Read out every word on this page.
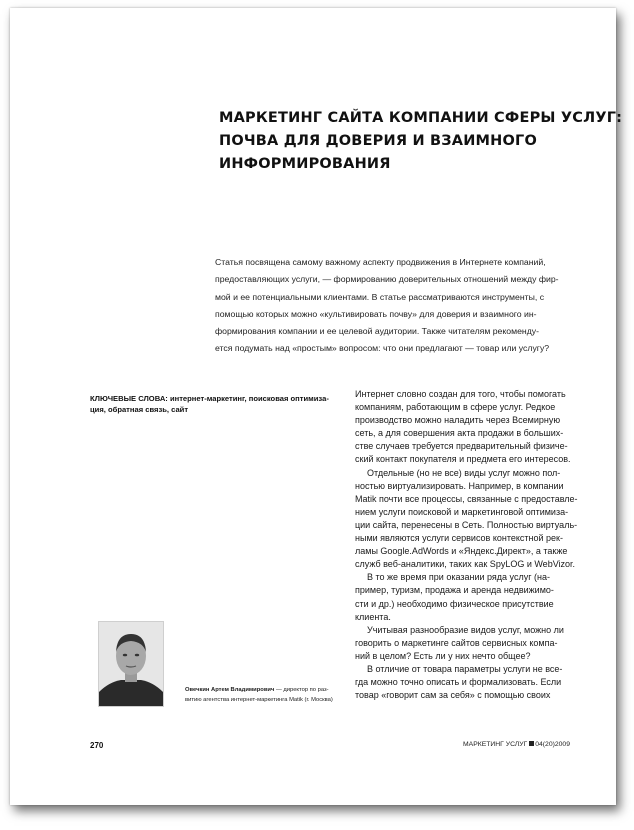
МАРКЕТИНГ САЙТА КОМПАНИИ СФЕРЫ УСЛУГ:
ПОЧВА ДЛЯ ДОВЕРИЯ И ВЗАИМНОГО
ИНФОРМИРОВАНИЯ
Статья посвящена самому важному аспекту продвижения в Интернете компаний,
предоставляющих услуги, — формированию доверительных отношений между фир-
мой и ее потенциальными клиентами. В статье рассматриваются инструменты, с
помощью которых можно «культивировать почву» для доверия и взаимного ин-
формирования компании и ее целевой аудитории. Также читателям рекоменду-
ется подумать над «простым» вопросом: что они предлагают — товар или услугу?
КЛЮЧЕВЫЕ СЛОВА: интернет-маркетинг, поисковая оптимиза-
ция, обратная связь, сайт
Интернет словно создан для того, чтобы помогать
компаниям, работающим в сфере услуг. Редкое
производство можно наладить через Всемирную
сеть, а для совершения акта продажи в больших-
стве случаев требуется предварительный физиче-
ский контакт покупателя и предмета его интересов.
Отдельные (но не все) виды услуг можно пол-
ностью виртуализировать. Например, в компании
Matik почти все процессы, связанные с предоставле-
нием услуги поисковой и маркетинговой оптимиза-
ции сайта, перенесены в Сеть. Полностью виртуаль-
ными являются услуги сервисов контекстной рек-
ламы Google.AdWords и «Яндекс.Директ», а также
служб веб-аналитики, таких как SpyLOG и WebVizor.
В то же время при оказании ряда услуг (на-
пример, туризм, продажа и аренда недвижимо-
сти и др.) необходимо физическое присутствие
клиента.
Учитывая разнообразие видов услуг, можно ли
говорить о маркетинге сайтов сервисных компа-
ний в целом? Есть ли у них нечто общее?
В отличие от товара параметры услуги не все-
гда можно точно описать и формализовать. Если
товар «говорит сам за себя» с помощью своих
Овечкин Артем Владимирович — директор по раз-
витию агентства интернет-маркетинга Matik (г. Москва)
270	МАРКЕТИНГ УСЛУГ 04(20)2009
